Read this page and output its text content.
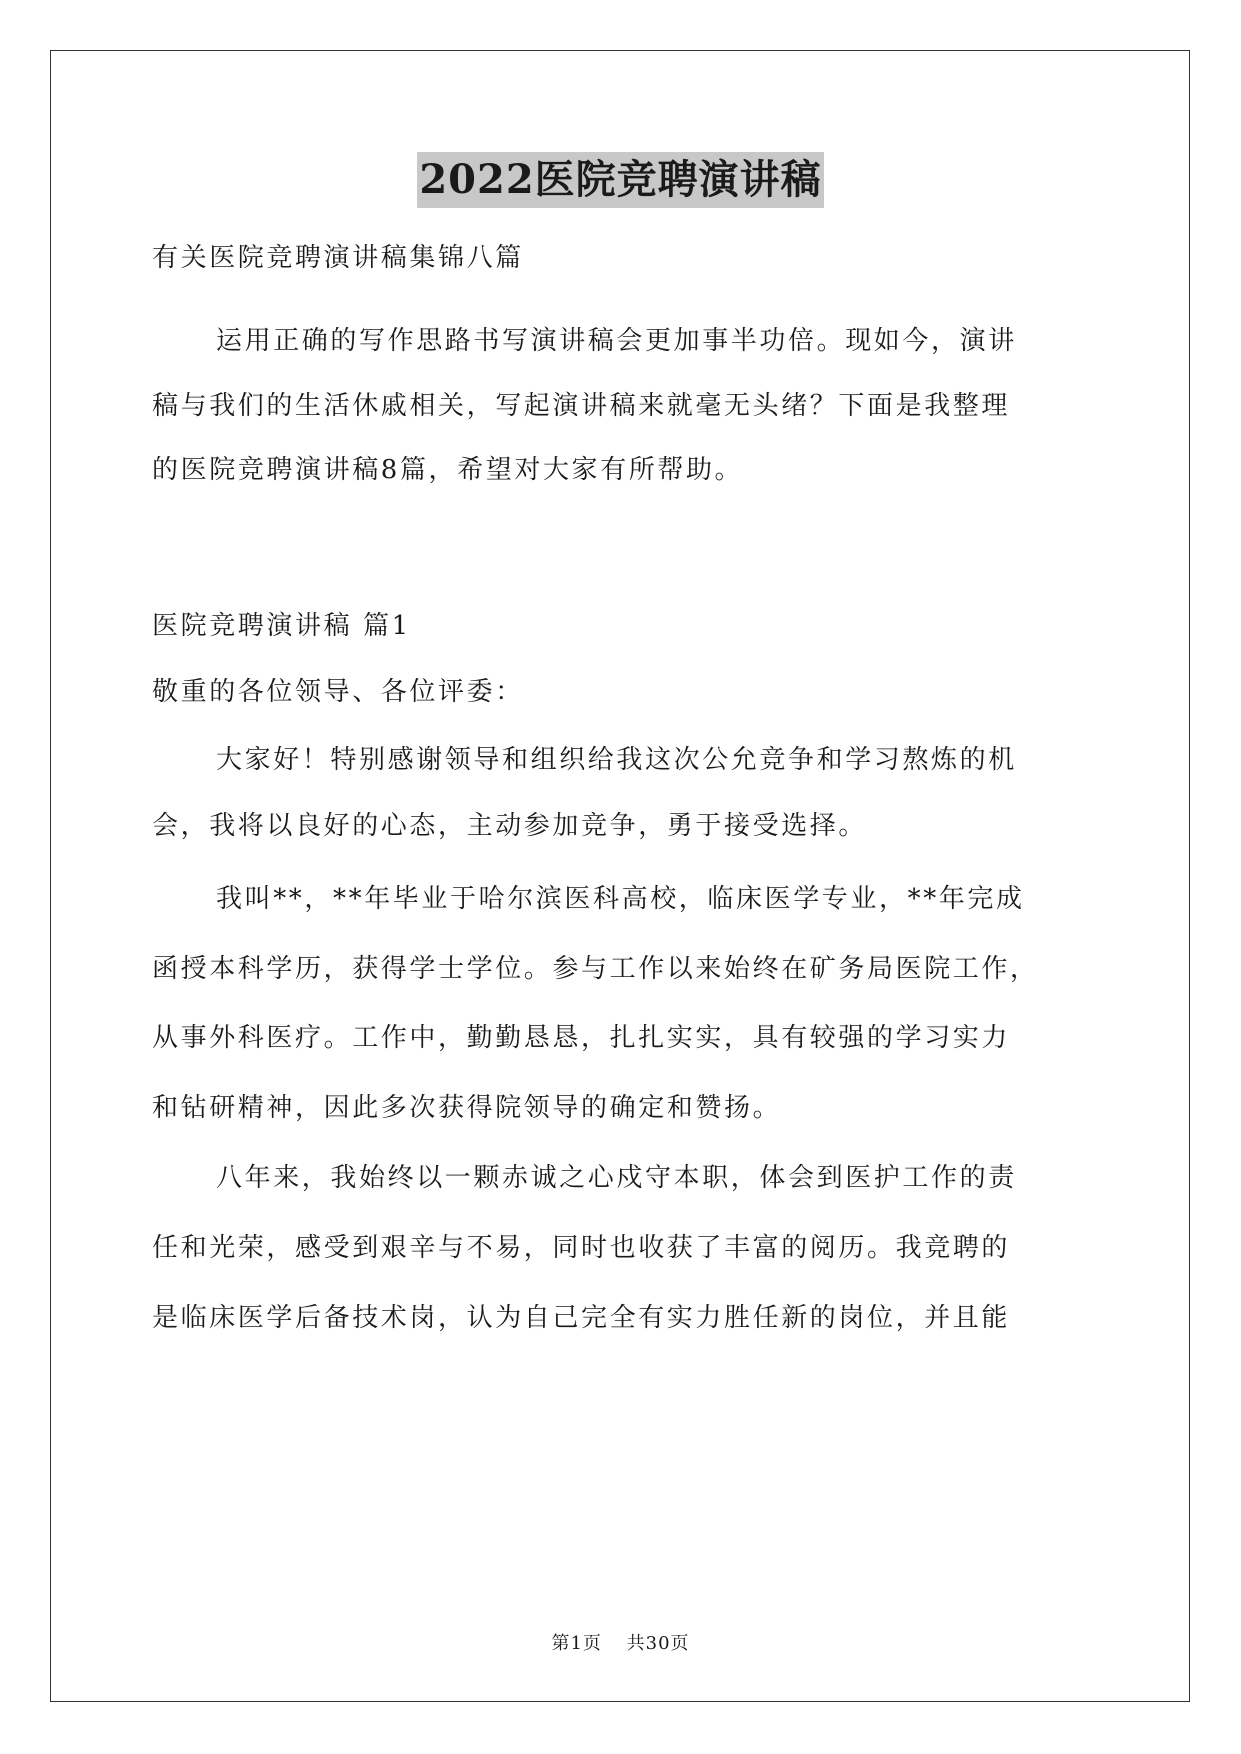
2022医院竞聘演讲稿
有关医院竞聘演讲稿集锦八篇
运用正确的写作思路书写演讲稿会更加事半功倍。现如今，演讲
稿与我们的生活休戚相关，写起演讲稿来就毫无头绪？下面是我整理
的医院竞聘演讲稿8篇，希望对大家有所帮助。
医院竞聘演讲稿 篇1
敬重的各位领导、各位评委：
大家好！特别感谢领导和组织给我这次公允竞争和学习熬炼的机
会，我将以良好的心态，主动参加竞争，勇于接受选择。
我叫**，**年毕业于哈尔滨医科高校，临床医学专业，**年完成
函授本科学历，获得学士学位。参与工作以来始终在矿务局医院工作，
从事外科医疗。工作中，勤勤恳恳，扎扎实实，具有较强的学习实力
和钻研精神，因此多次获得院领导的确定和赞扬。
八年来，我始终以一颗赤诚之心戍守本职，体会到医护工作的责
任和光荣，感受到艰辛与不易，同时也收获了丰富的阅历。我竞聘的
是临床医学后备技术岗，认为自己完全有实力胜任新的岗位，并且能
第1页 共30页
